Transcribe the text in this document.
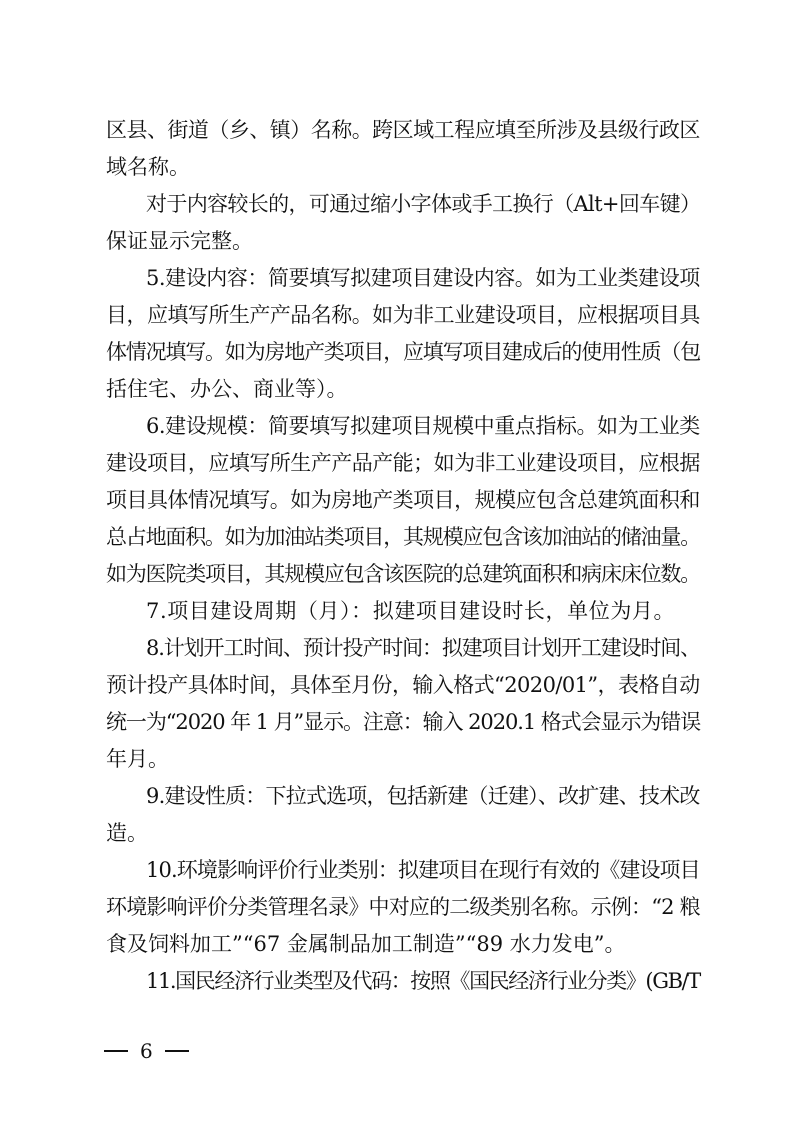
区县、街道（乡、镇）名称。跨区域工程应填至所涉及县级行政区
域名称。
对于内容较长的，可通过缩小字体或手工换行（Alt+回车键）
保证显示完整。
5.建设内容：简要填写拟建项目建设内容。如为工业类建设项
目，应填写所生产产品名称。如为非工业建设项目，应根据项目具
体情况填写。如为房地产类项目，应填写项目建成后的使用性质（包
括住宅、办公、商业等）。
6.建设规模：简要填写拟建项目规模中重点指标。如为工业类
建设项目，应填写所生产产品产能；如为非工业建设项目，应根据
项目具体情况填写。如为房地产类项目，规模应包含总建筑面积和
总占地面积。如为加油站类项目，其规模应包含该加油站的储油量。
如为医院类项目，其规模应包含该医院的总建筑面积和病床床位数。
7.项目建设周期（月）：拟建项目建设时长，单位为月。
8.计划开工时间、预计投产时间：拟建项目计划开工建设时间、
预计投产具体时间，具体至月份，输入格式“2020/01”，表格自动
统一为“2020 年 1 月”显示。注意：输入 2020.1 格式会显示为错误
年月。
9.建设性质：下拉式选项，包括新建（迁建）、改扩建、技术改
造。
10.环境影响评价行业类别：拟建项目在现行有效的《建设项目
环境影响评价分类管理名录》中对应的二级类别名称。示例：“2 粮
食及饲料加工”“67 金属制品加工制造”“89 水力发电”。
11.国民经济行业类型及代码：按照《国民经济行业分类》(GB/T
6
